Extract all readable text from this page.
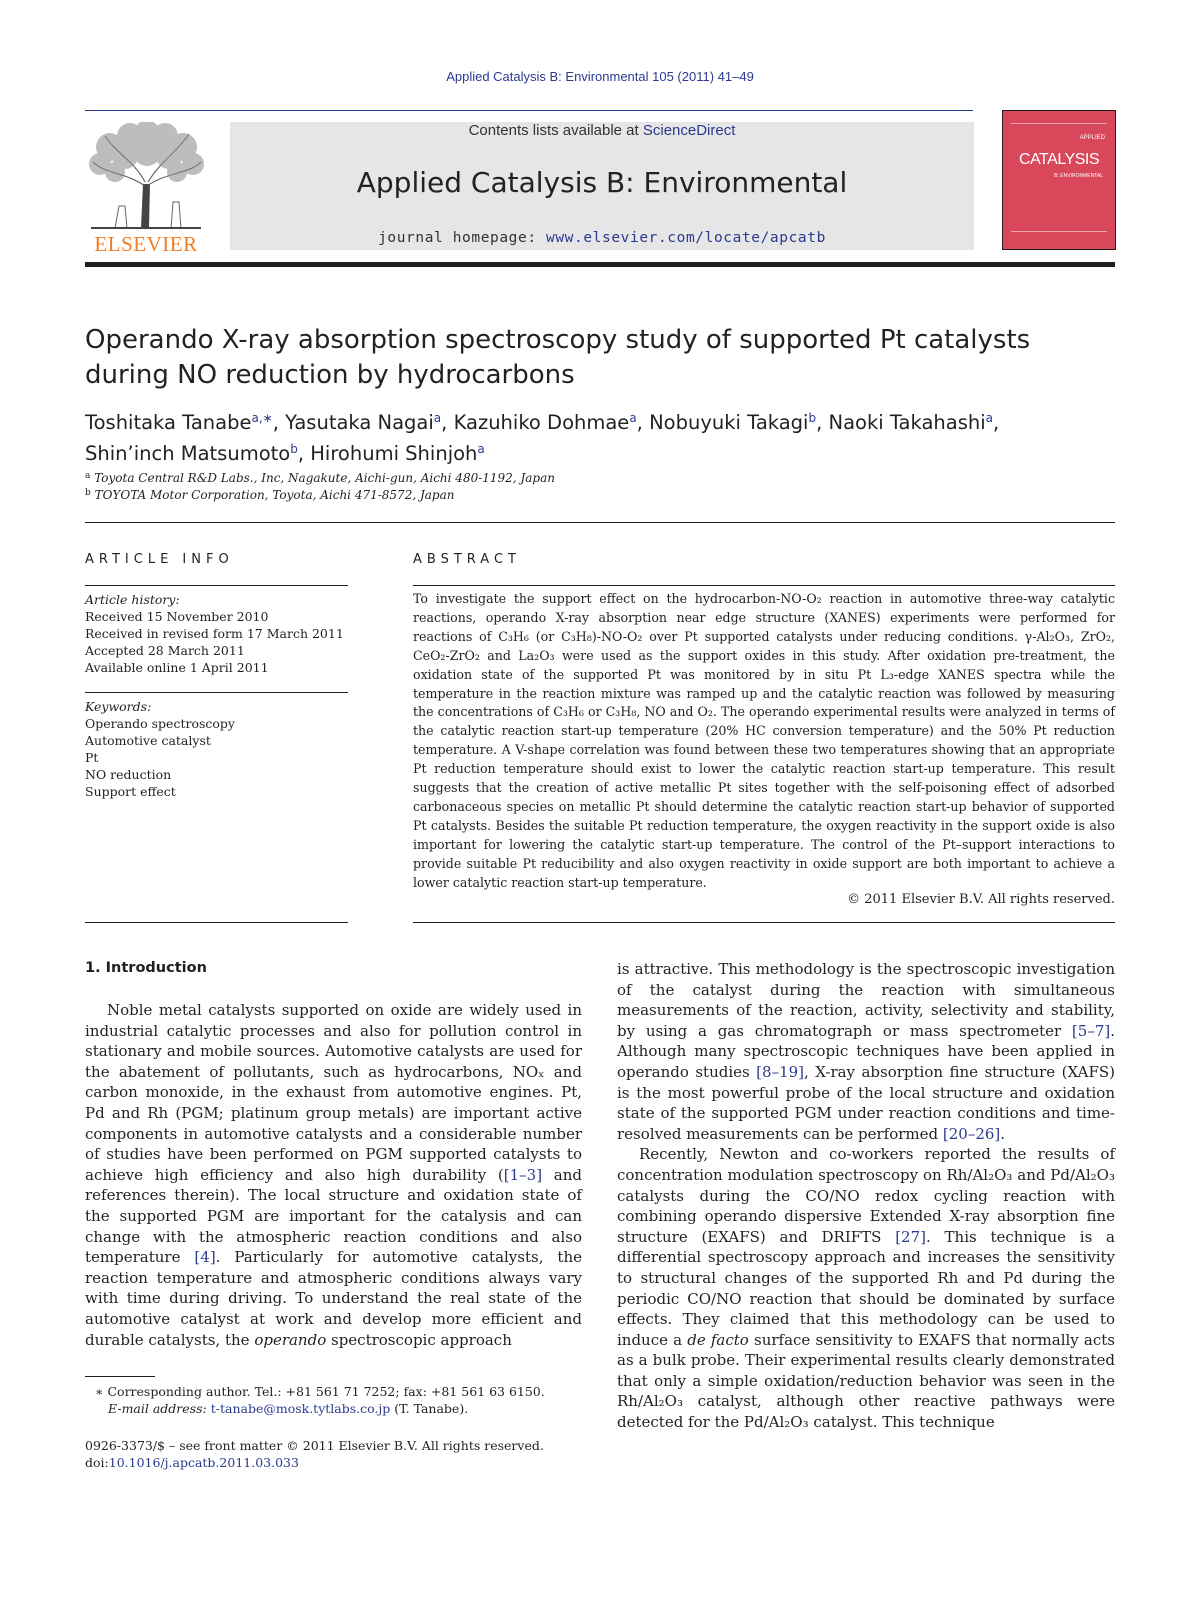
Applied Catalysis B: Environmental 105 (2011) 41–49
ELSEVIER
Contents lists available at ScienceDirect
Applied Catalysis B: Environmental
journal homepage: www.elsevier.com/locate/apcatb
APPLIED
CATALYSIS
B: ENVIRONMENTAL
Operando X-ray absorption spectroscopy study of supported Pt catalysts during NO reduction by hydrocarbons
Toshitaka Tanabe$^{a,∗}$, Yasutaka Nagai$^a$, Kazuhiko Dohmae$^a$, Nobuyuki Takagi$^b$, Naoki Takahashi$^a$,
Shin’inch Matsumoto$^b$, Hirohumi Shinjoh$^a$
$^a$ Toyota Central R&D Labs., Inc, Nagakute, Aichi-gun, Aichi 480-1192, Japan
$^b$ TOYOTA Motor Corporation, Toyota, Aichi 471-8572, Japan
ARTICLE INFO
Article history:
Received 15 November 2010
Received in revised form 17 March 2011
Accepted 28 March 2011
Available online 1 April 2011
Keywords:
Operando spectroscopy
Automotive catalyst
Pt
NO reduction
Support effect
ABSTRACT
To investigate the support effect on the hydrocarbon-NO-O₂ reaction in automotive three-way catalytic reactions, operando X-ray absorption near edge structure (XANES) experiments were performed for reactions of C₃H₆ (or C₃H₈)-NO-O₂ over Pt supported catalysts under reducing conditions. γ-Al₂O₃, ZrO₂, CeO₂-ZrO₂ and La₂O₃ were used as the support oxides in this study. After oxidation pre-treatment, the oxidation state of the supported Pt was monitored by in situ Pt L₃-edge XANES spectra while the temperature in the reaction mixture was ramped up and the catalytic reaction was followed by measuring the concentrations of C₃H₆ or C₃H₈, NO and O₂. The operando experimental results were analyzed in terms of the catalytic reaction start-up temperature (20% HC conversion temperature) and the 50% Pt reduction temperature. A V-shape correlation was found between these two temperatures showing that an appropriate Pt reduction temperature should exist to lower the catalytic reaction start-up temperature. This result suggests that the creation of active metallic Pt sites together with the self-poisoning effect of adsorbed carbonaceous species on metallic Pt should determine the catalytic reaction start-up behavior of supported Pt catalysts. Besides the suitable Pt reduction temperature, the oxygen reactivity in the support oxide is also important for lowering the catalytic start-up temperature. The control of the Pt–support interactions to provide suitable Pt reducibility and also oxygen reactivity in oxide support are both important to achieve a lower catalytic reaction start-up temperature.
© 2011 Elsevier B.V. All rights reserved.
1. Introduction

Noble metal catalysts supported on oxide are widely used in industrial catalytic processes and also for pollution control in stationary and mobile sources. Automotive catalysts are used for the abatement of pollutants, such as hydrocarbons, NOₓ and carbon monoxide, in the exhaust from automotive engines. Pt, Pd and Rh (PGM; platinum group metals) are important active components in automotive catalysts and a considerable number of studies have been performed on PGM supported catalysts to achieve high efficiency and also high durability ([1–3] and references therein). The local structure and oxidation state of the supported PGM are important for the catalysis and can change with the atmospheric reaction conditions and also temperature [4]. Particularly for automotive catalysts, the reaction temperature and atmospheric conditions always vary with time during driving. To understand the real state of the automotive catalyst at work and develop more efficient and durable catalysts, the operando spectroscopic approach

is attractive. This methodology is the spectroscopic investigation of the catalyst during the reaction with simultaneous measurements of the reaction, activity, selectivity and stability, by using a gas chromatograph or mass spectrometer [5–7]. Although many spectroscopic techniques have been applied in operando studies [8–19], X-ray absorption fine structure (XAFS) is the most powerful probe of the local structure and oxidation state of the supported PGM under reaction conditions and time-resolved measurements can be performed [20–26].

Recently, Newton and co-workers reported the results of concentration modulation spectroscopy on Rh/Al₂O₃ and Pd/Al₂O₃ catalysts during the CO/NO redox cycling reaction with combining operando dispersive Extended X-ray absorption fine structure (EXAFS) and DRIFTS [27]. This technique is a differential spectroscopy approach and increases the sensitivity to structural changes of the supported Rh and Pd during the periodic CO/NO reaction that should be dominated by surface effects. They claimed that this methodology can be used to induce a de facto surface sensitivity to EXAFS that normally acts as a bulk probe. Their experimental results clearly demonstrated that only a simple oxidation/reduction behavior was seen in the Rh/Al₂O₃ catalyst, although other reactive pathways were detected for the Pd/Al₂O₃ catalyst. This technique

∗ Corresponding author. Tel.: +81 561 71 7252; fax: +81 561 63 6150.
E-mail address: t-tanabe@mosk.tytlabs.co.jp (T. Tanabe).
0926-3373/$ – see front matter © 2011 Elsevier B.V. All rights reserved.
doi:10.1016/j.apcatb.2011.03.033
